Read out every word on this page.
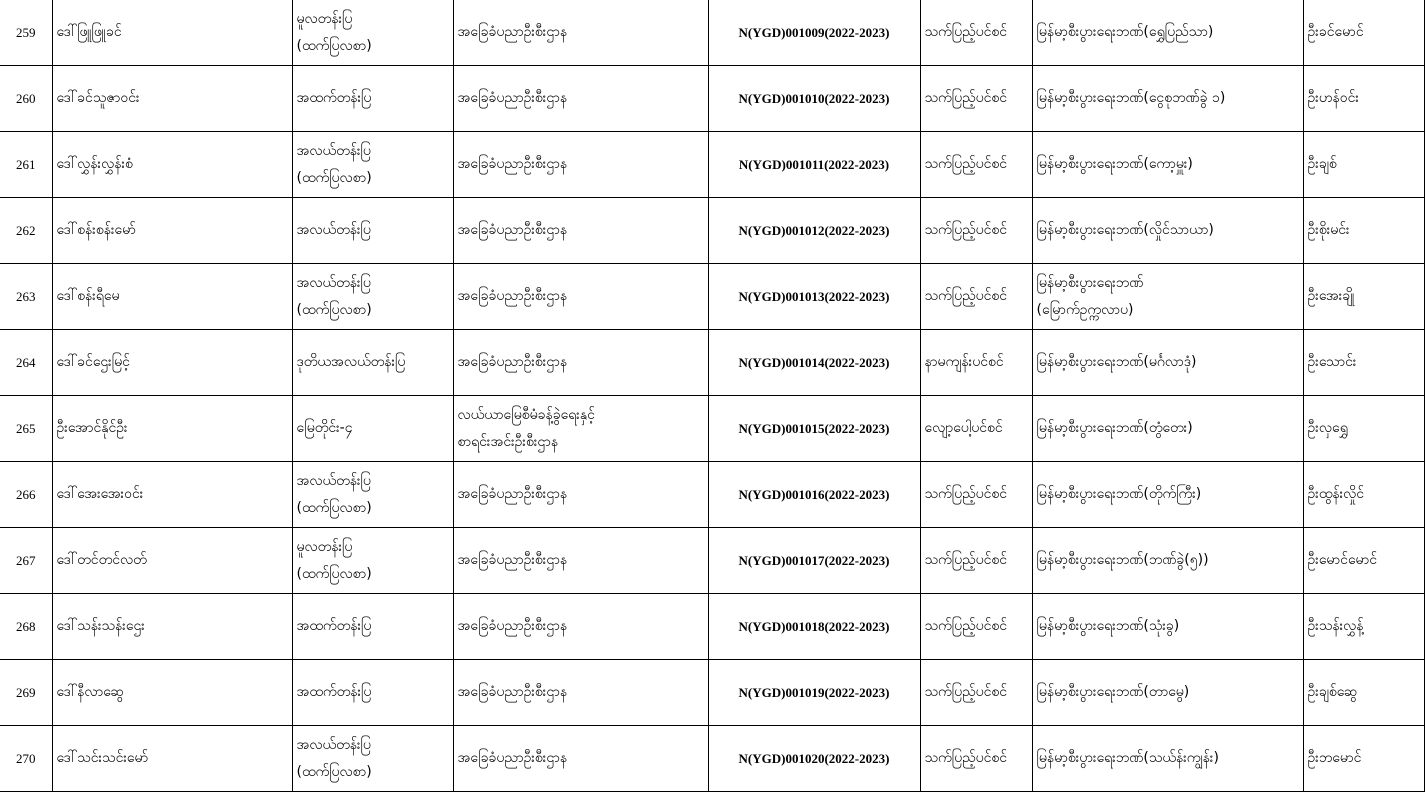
259	ဒေါ်ဖြူဖြူခင်	မူလတန်းပြ
(ထက်ပြလစာ)	အခြေခံပညာဦးစီးဌာန	N(YGD)001009(2022-2023)	သက်ပြည့်ပင်စင်	မြန်မာ့စီးပွားရေးဘဏ်(ရွှေပြည်သာ)	ဦးခင်မောင်
260	ဒေါ်ခင်သူဇာဝင်း	အထက်တန်းပြ	အခြေခံပညာဦးစီးဌာန	N(YGD)001010(2022-2023)	သက်ပြည့်ပင်စင်	မြန်မာ့စီးပွားရေးဘဏ်(ငွေစုဘဏ်ခွဲ ၁)	ဦးဟန်ဝင်း
261	ဒေါ်လွှန်းလွှန်းစံ	အလယ်တန်းပြ
(ထက်ပြလစာ)	အခြေခံပညာဦးစီးဌာန	N(YGD)001011(2022-2023)	သက်ပြည့်ပင်စင်	မြန်မာ့စီးပွားရေးဘဏ်(ကော့မှူး)	ဦးချစ်
262	ဒေါ်စန်းစန်းမော်	အလယ်တန်းပြ	အခြေခံပညာဦးစီးဌာန	N(YGD)001012(2022-2023)	သက်ပြည့်ပင်စင်	မြန်မာ့စီးပွားရေးဘဏ်(လှိုင်သာယာ)	ဦးစိုးမင်း
263	ဒေါ်စန်းရီမေ	အလယ်တန်းပြ
(ထက်ပြလစာ)	အခြေခံပညာဦးစီးဌာန	N(YGD)001013(2022-2023)	သက်ပြည့်ပင်စင်	မြန်မာ့စီးပွားရေးဘဏ်
(မြောက်ဥက္ကလာပ)	ဦးအေးချို
264	ဒေါ်ခင်ဌေးမြင့်	ဒုတိယအလယ်တန်းပြ	အခြေခံပညာဦးစီးဌာန	N(YGD)001014(2022-2023)	နာမကျန်းပင်စင်	မြန်မာ့စီးပွားရေးဘဏ်(မင်္ဂလာဒုံ)	ဦးသောင်း
265	ဦးအောင်နိုင်ဦး	မြေတိုင်း-၄	လယ်ယာမြေစီမံခန့်ခွဲရေးနှင့်
စာရင်းအင်းဦးစီးဌာန	N(YGD)001015(2022-2023)	လျော့ပေါ့ပင်စင်	မြန်မာ့စီးပွားရေးဘဏ်(တွံတေး)	ဦးလှရွှေ
266	ဒေါ်အေးအေးဝင်း	အလယ်တန်းပြ
(ထက်ပြလစာ)	အခြေခံပညာဦးစီးဌာန	N(YGD)001016(2022-2023)	သက်ပြည့်ပင်စင်	မြန်မာ့စီးပွားရေးဘဏ်(တိုက်ကြီး)	ဦးထွန်းလှိုင်
267	ဒေါ်တင်တင်လတ်	မူလတန်းပြ
(ထက်ပြလစာ)	အခြေခံပညာဦးစီးဌာန	N(YGD)001017(2022-2023)	သက်ပြည့်ပင်စင်	မြန်မာ့စီးပွားရေးဘဏ်(ဘဏ်ခွဲ(၅))	ဦးမောင်မောင်
268	ဒေါ်သန်းသန်းဌေး	အထက်တန်းပြ	အခြေခံပညာဦးစီးဌာန	N(YGD)001018(2022-2023)	သက်ပြည့်ပင်စင်	မြန်မာ့စီးပွားရေးဘဏ်(သုံးခွ)	ဦးသန်းလွှန့်
269	ဒေါ်နီလာဆွေ	အထက်တန်းပြ	အခြေခံပညာဦးစီးဌာန	N(YGD)001019(2022-2023)	သက်ပြည့်ပင်စင်	မြန်မာ့စီးပွားရေးဘဏ်(တာမွေ)	ဦးချစ်ဆွေ
270	ဒေါ်သင်းသင်းမော်	အလယ်တန်းပြ
(ထက်ပြလစာ)	အခြေခံပညာဦးစီးဌာန	N(YGD)001020(2022-2023)	သက်ပြည့်ပင်စင်	မြန်မာ့စီးပွားရေးဘဏ်(သယ်န်းကျွန်း)	ဦးဘမောင်
